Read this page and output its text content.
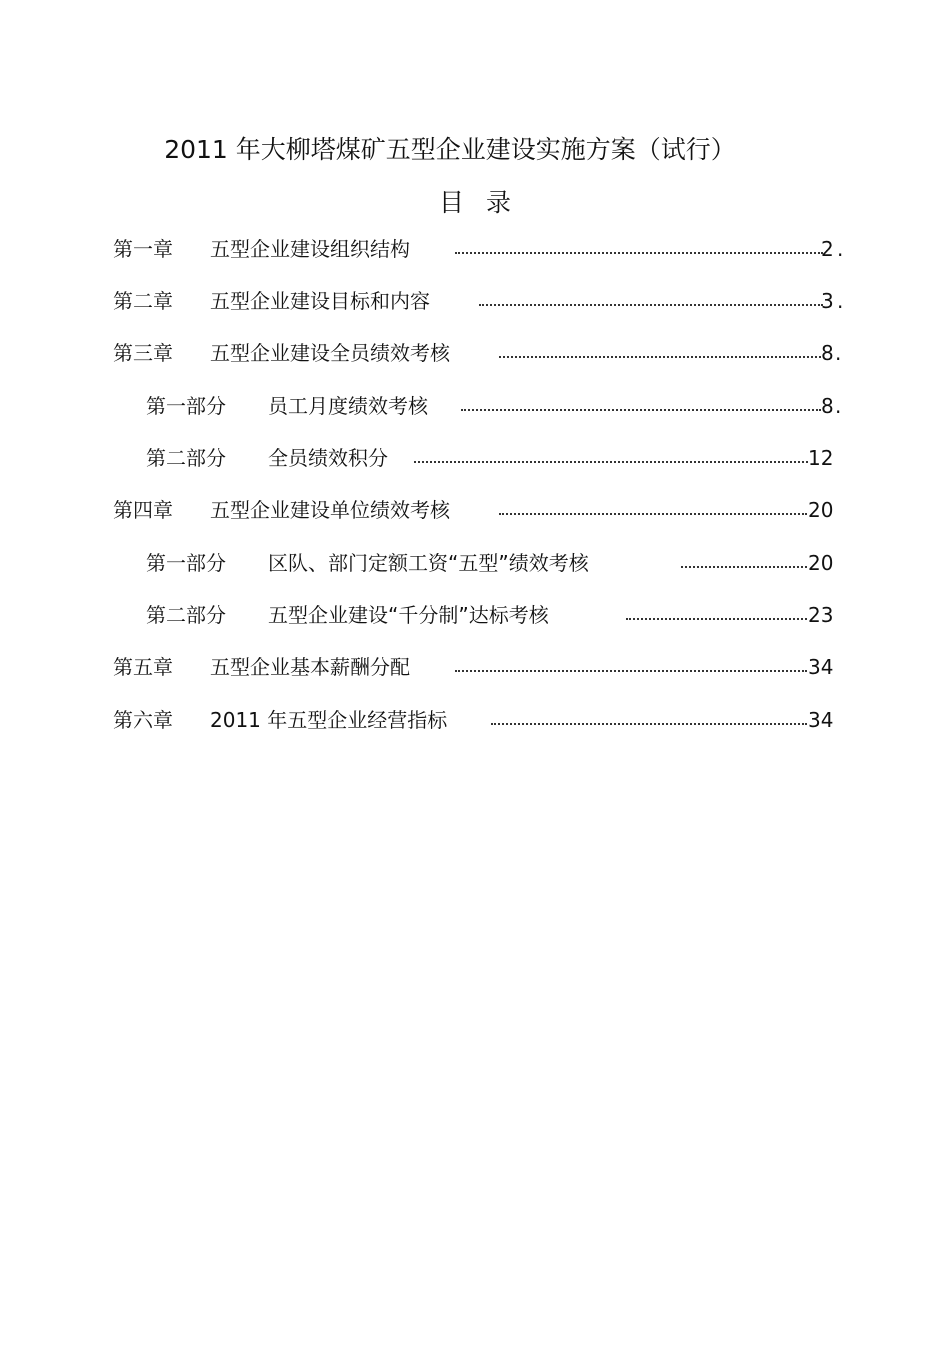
2011 年大柳塔煤矿五型企业建设实施方案（试行）
目录
第一章 五型企业建设组织结构	2 .
第二章 五型企业建设目标和内容	3 .
第三章 五型企业建设全员绩效考核	8 .
第一部分 员工月度绩效考核	8 .
第二部分 全员绩效积分	12
第四章 五型企业建设单位绩效考核	20
第一部分 区队、部门定额工资“五型”绩效考核	20
第二部分 五型企业建设“千分制”达标考核	23
第五章 五型企业基本薪酬分配	34
第六章 2011 年五型企业经营指标	34
